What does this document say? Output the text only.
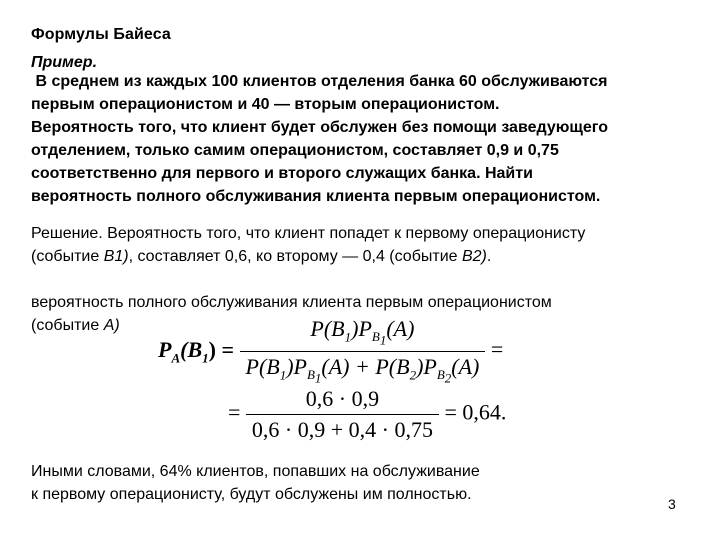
Формулы Байеса
Пример.
В среднем из каждых 100 клиентов отделения банка 60 обслуживаются
первым операционистом и 40 — вторым операционистом.
Вероятность того, что клиент будет обслужен без помощи заведующего
отделением, только самим операционистом, составляет 0,9 и 0,75
соответственно для первого и второго служащих банка. Найти
вероятность полного обслуживания клиента первым операционистом.
Решение. Вероятность того, что клиент попадет к первому операционисту
(событие B1), составляет 0,6, ко второму — 0,4 (событие B2).
вероятность полного обслуживания клиента первым операционистом
(событие A)
$P_A(B_1) = \frac{P(B_1)P_{B_1}(A)}{P(B_1)P_{B_1}(A) + P(B_2)P_{B_2}(A)}$ =
= $\frac{0,6 \cdot 0,9}{0,6 \cdot 0,9 + 0,4 \cdot 0,75} = 0,64$.
Иными словами, 64% клиентов, попавших на обслуживание
к первому операционисту, будут обслужены им полностью.
3
